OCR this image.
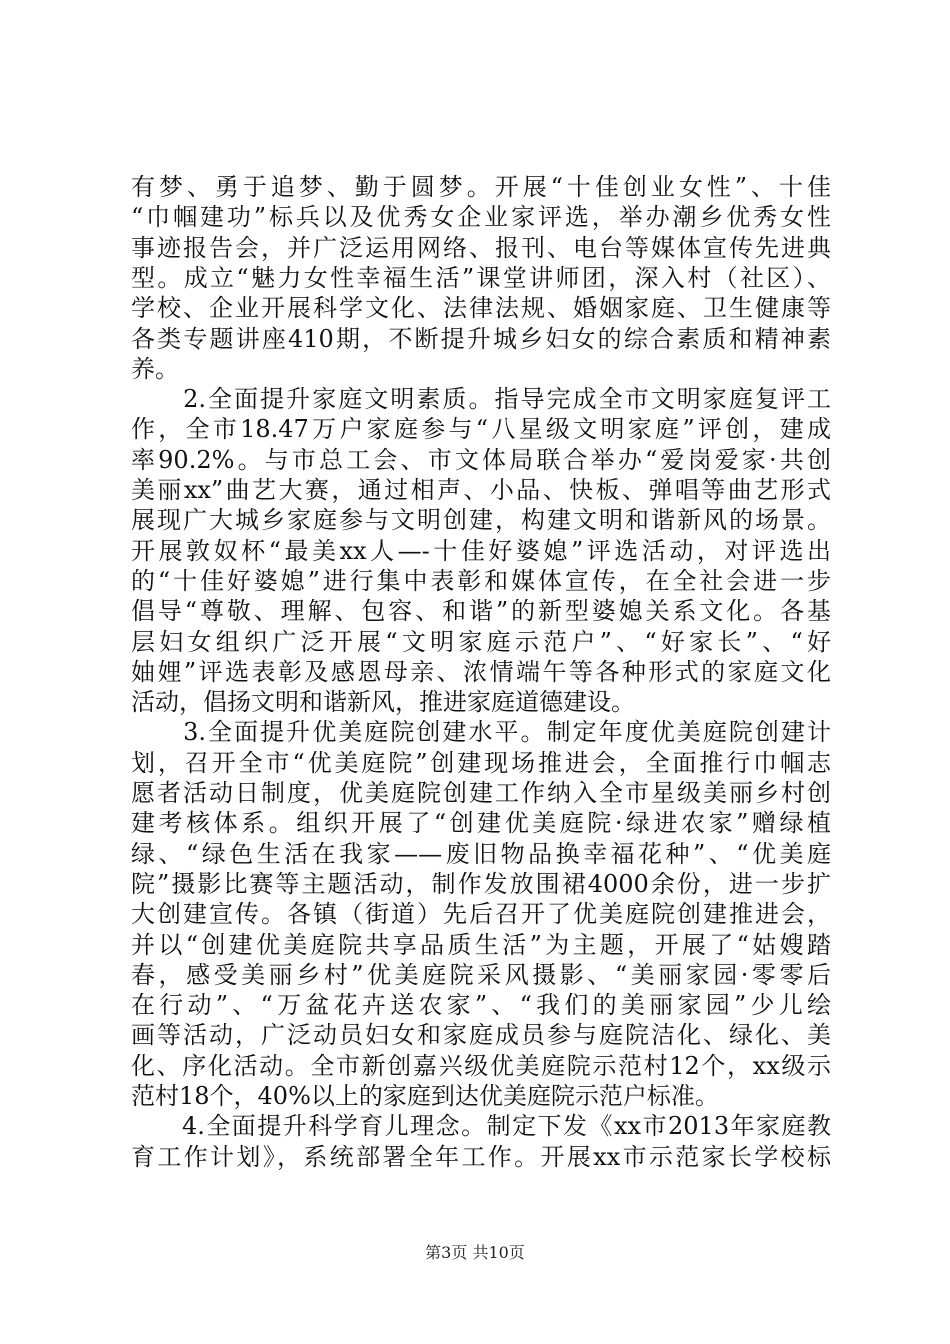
有梦、勇于追梦、勤于圆梦。开展“十佳创业女性”、十佳
“巾帼建功”标兵以及优秀女企业家评选，举办潮乡优秀女性
事迹报告会，并广泛运用网络、报刊、电台等媒体宣传先进典
型。成立“魅力女性幸福生活”课堂讲师团，深入村（社区）、
学校、企业开展科学文化、法律法规、婚姻家庭、卫生健康等
各类专题讲座410期，不断提升城乡妇女的综合素质和精神素
养。
　　2.全面提升家庭文明素质。指导完成全市文明家庭复评工
作，全市18.47万户家庭参与“八星级文明家庭”评创，建成
率90.2%。与市总工会、市文体局联合举办“爱岗爱家·共创
美丽xx”曲艺大赛，通过相声、小品、快板、弹唱等曲艺形式
展现广大城乡家庭参与文明创建，构建文明和谐新风的场景。
开展敦奴杯“最美xx人—-十佳好婆媳”评选活动，对评选出
的“十佳好婆媳”进行集中表彰和媒体宣传，在全社会进一步
倡导“尊敬、理解、包容、和谐”的新型婆媳关系文化。各基
层妇女组织广泛开展“文明家庭示范户”、“好家长”、“好
妯娌”评选表彰及感恩母亲、浓情端午等各种形式的家庭文化
活动，倡扬文明和谐新风，推进家庭道德建设。
　　3.全面提升优美庭院创建水平。制定年度优美庭院创建计
划，召开全市“优美庭院”创建现场推进会，全面推行巾帼志
愿者活动日制度，优美庭院创建工作纳入全市星级美丽乡村创
建考核体系。组织开展了“创建优美庭院·绿进农家”赠绿植
绿、“绿色生活在我家——废旧物品换幸福花种”、“优美庭
院”摄影比赛等主题活动，制作发放围裙4000余份，进一步扩
大创建宣传。各镇（街道）先后召开了优美庭院创建推进会，
并以“创建优美庭院共享品质生活”为主题，开展了“姑嫂踏
春，感受美丽乡村”优美庭院采风摄影、“美丽家园·零零后
在行动”、“万盆花卉送农家”、“我们的美丽家园”少儿绘
画等活动，广泛动员妇女和家庭成员参与庭院洁化、绿化、美
化、序化活动。全市新创嘉兴级优美庭院示范村12个，xx级示
范村18个，40%以上的家庭到达优美庭院示范户标准。
　　4.全面提升科学育儿理念。制定下发《xx市2013年家庭教
育工作计划》，系统部署全年工作。开展xx市示范家长学校标
第3页 共10页
